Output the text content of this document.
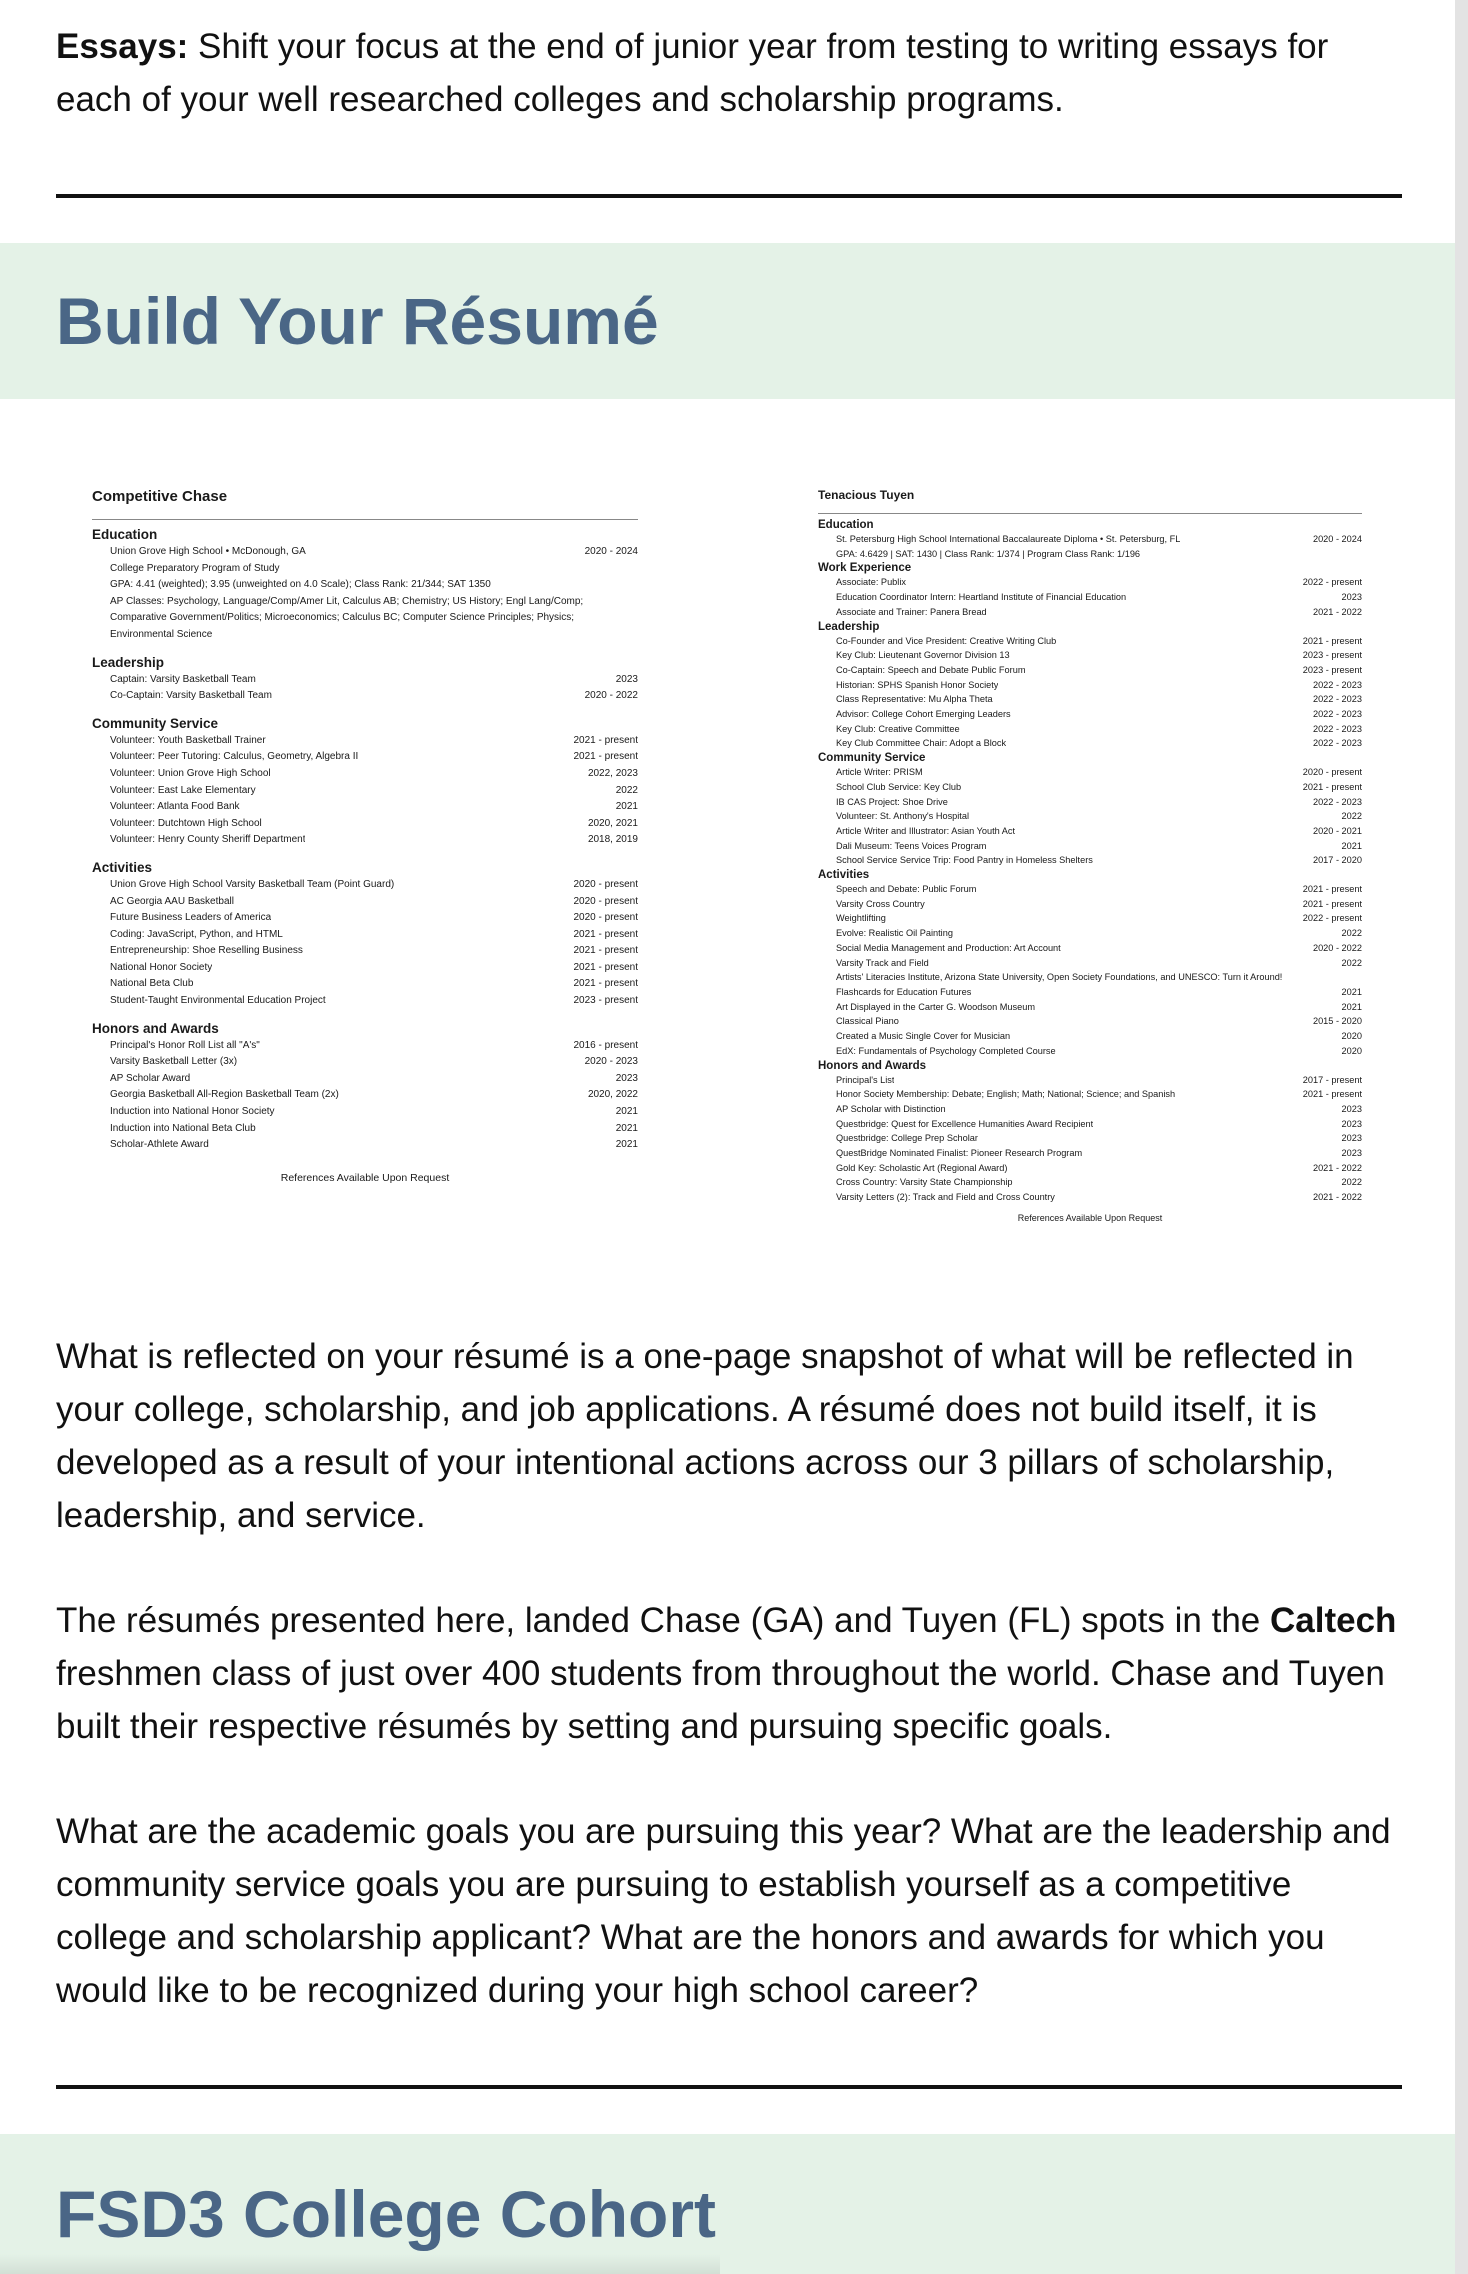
Essays: Shift your focus at the end of junior year from testing to writing essays for each of your well researched colleges and scholarship programs.

Build Your Résumé
Competitive Chase
Education
Union Grove High School • McDonough, GA	2020 - 2024
College Preparatory Program of Study
GPA: 4.41 (weighted); 3.95 (unweighted on 4.0 Scale); Class Rank: 21/344; SAT 1350
AP Classes: Psychology, Language/Comp/Amer Lit, Calculus AB; Chemistry; US History; Engl Lang/Comp;
Comparative Government/Politics; Microeconomics; Calculus BC; Computer Science Principles; Physics;
Environmental Science
Leadership
Captain: Varsity Basketball Team	2023
Co-Captain: Varsity Basketball Team	2020 - 2022
Community Service
Volunteer: Youth Basketball Trainer	2021 - present
Volunteer: Peer Tutoring: Calculus, Geometry, Algebra II	2021 - present
Volunteer: Union Grove High School	2022, 2023
Volunteer: East Lake Elementary	2022
Volunteer: Atlanta Food Bank	2021
Volunteer: Dutchtown High School	2020, 2021
Volunteer: Henry County Sheriff Department	2018, 2019
Activities
Union Grove High School Varsity Basketball Team (Point Guard)	2020 - present
AC Georgia AAU Basketball	2020 - present
Future Business Leaders of America	2020 - present
Coding: JavaScript, Python, and HTML	2021 - present
Entrepreneurship: Shoe Reselling Business	2021 - present
National Honor Society	2021 - present
National Beta Club	2021 - present
Student-Taught Environmental Education Project	2023 - present
Honors and Awards
Principal's Honor Roll List all "A's"	2016 - present
Varsity Basketball Letter (3x)	2020 - 2023
AP Scholar Award	2023
Georgia Basketball All-Region Basketball Team (2x)	2020, 2022
Induction into National Honor Society	2021
Induction into National Beta Club	2021
Scholar-Athlete Award	2021
References Available Upon Request
Tenacious Tuyen
Education
St. Petersburg High School International Baccalaureate Diploma • St. Petersburg, FL	2020 - 2024
GPA: 4.6429 | SAT: 1430 | Class Rank: 1/374 | Program Class Rank: 1/196
Work Experience
Associate: Publix	2022 - present
Education Coordinator Intern: Heartland Institute of Financial Education	2023
Associate and Trainer: Panera Bread	2021 - 2022
Leadership
Co-Founder and Vice President: Creative Writing Club	2021 - present
Key Club: Lieutenant Governor Division 13	2023 - present
Co-Captain: Speech and Debate Public Forum	2023 - present
Historian: SPHS Spanish Honor Society	2022 - 2023
Class Representative: Mu Alpha Theta	2022 - 2023
Advisor: College Cohort Emerging Leaders	2022 - 2023
Key Club: Creative Committee	2022 - 2023
Key Club Committee Chair: Adopt a Block	2022 - 2023
Community Service
Article Writer: PRISM	2020 - present
School Club Service: Key Club	2021 - present
IB CAS Project: Shoe Drive	2022 - 2023
Volunteer: St. Anthony's Hospital	2022
Article Writer and Illustrator: Asian Youth Act	2020 - 2021
Dali Museum: Teens Voices Program	2021
School Service Service Trip: Food Pantry in Homeless Shelters	2017 - 2020
Activities
Speech and Debate: Public Forum	2021 - present
Varsity Cross Country	2021 - present
Weightlifting	2022 - present
Evolve: Realistic Oil Painting	2022
Social Media Management and Production: Art Account	2020 - 2022
Varsity Track and Field	2022
Artists' Literacies Institute, Arizona State University, Open Society Foundations, and UNESCO: Turn it Around!
Flashcards for Education Futures	2021
Art Displayed in the Carter G. Woodson Museum	2021
Classical Piano	2015 - 2020
Created a Music Single Cover for Musician	2020
EdX: Fundamentals of Psychology Completed Course	2020
Honors and Awards
Principal's List	2017 - present
Honor Society Membership: Debate; English; Math; National; Science; and Spanish	2021 - present
AP Scholar with Distinction	2023
Questbridge: Quest for Excellence Humanities Award Recipient	2023
Questbridge: College Prep Scholar	2023
QuestBridge Nominated Finalist: Pioneer Research Program	2023
Gold Key: Scholastic Art (Regional Award)	2021 - 2022
Cross Country: Varsity State Championship	2022
Varsity Letters (2): Track and Field and Cross Country	2021 - 2022
References Available Upon Request

What is reflected on your résumé is a one-page snapshot of what will be reflected in your college, scholarship, and job applications. A résumé does not build itself, it is developed as a result of your intentional actions across our 3 pillars of scholarship, leadership, and service.

The résumés presented here, landed Chase (GA) and Tuyen (FL) spots in the Caltech freshmen class of just over 400 students from throughout the world. Chase and Tuyen built their respective résumés by setting and pursuing specific goals.

What are the academic goals you are pursuing this year? What are the leadership and community service goals you are pursuing to establish yourself as a competitive college and scholarship applicant? What are the honors and awards for which you would like to be recognized during your high school career?

FSD3 College Cohort
